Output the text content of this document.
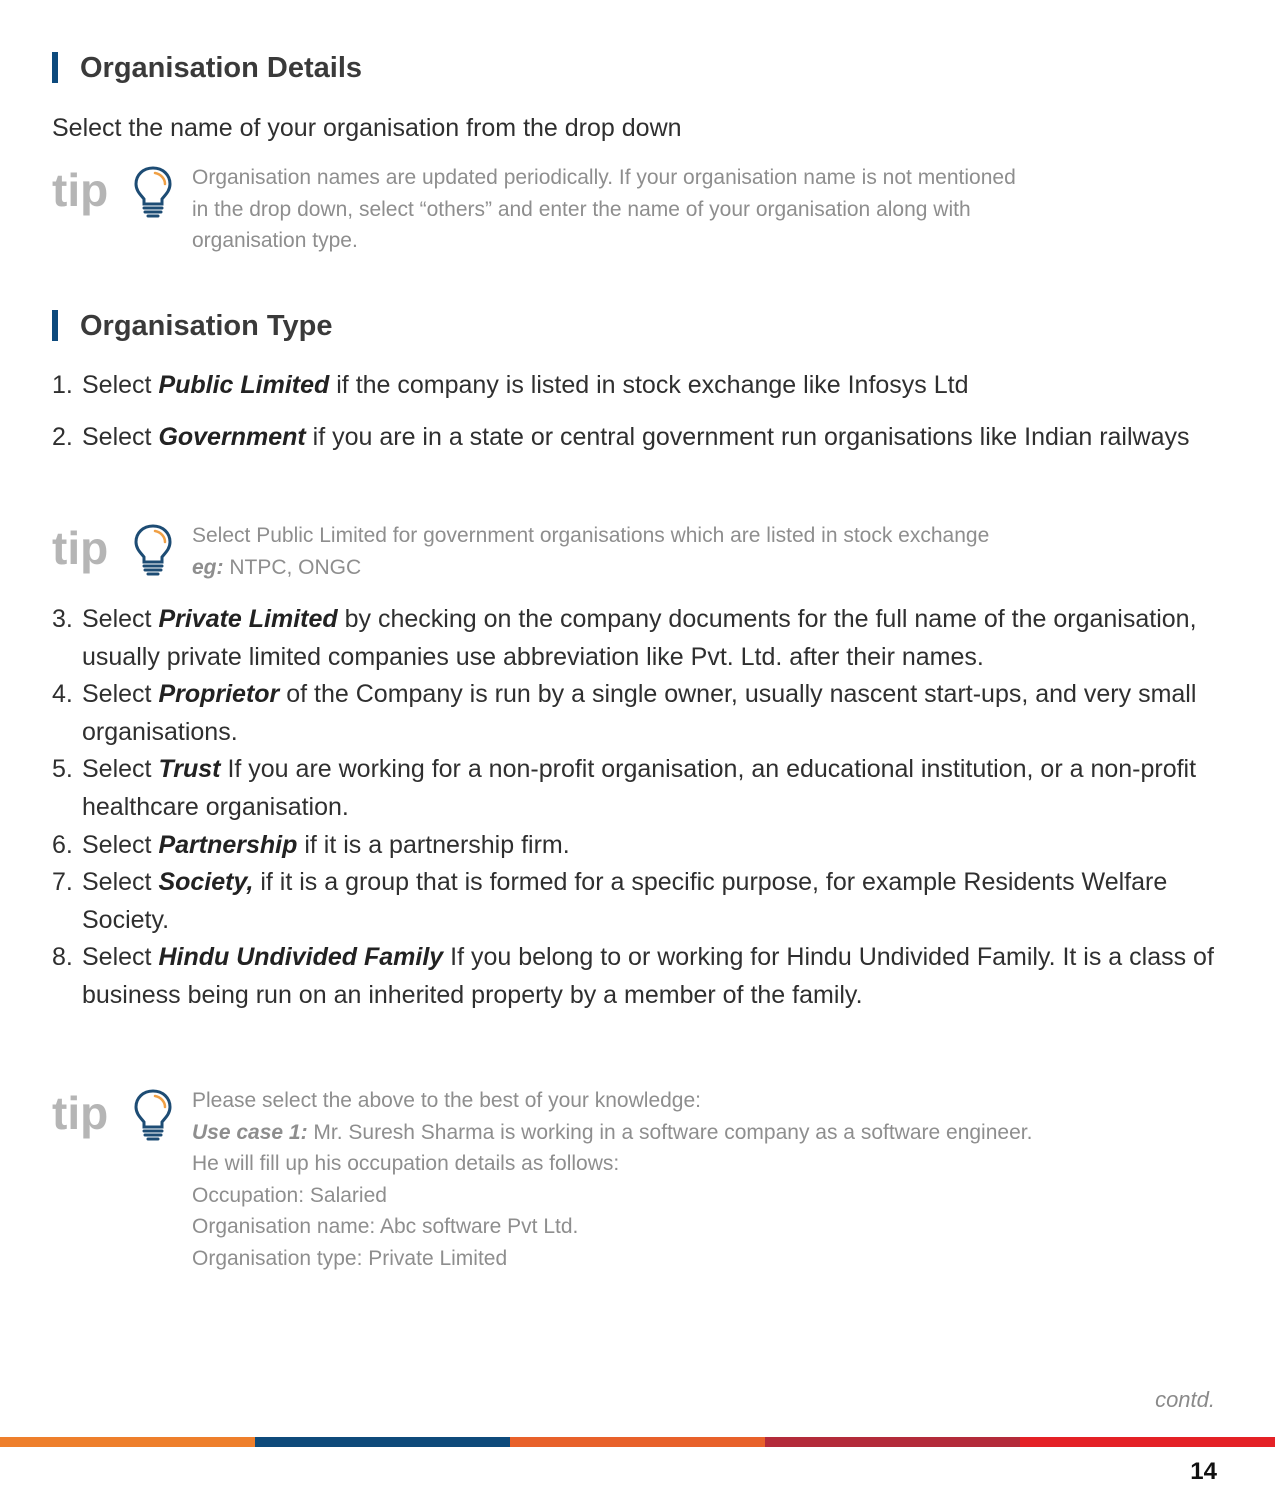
Organisation Details

Select the name of your organisation from the drop down

tip	Organisation names are updated periodically. If your organisation name is not mentioned
in the drop down, select “others” and enter the name of your organisation along with
organisation type.
Organisation Type
1. Select Public Limited if the company is listed in stock exchange like Infosys Ltd
2. Select Government if you are in a state or central government run organisations like Indian railways
tip	Select Public Limited for government organisations which are listed in stock exchange
eg: NTPC, ONGC
3. Select Private Limited by checking on the company documents for the full name of the organisation, usually private limited companies use abbreviation like Pvt. Ltd. after their names.
4. Select Proprietor of the Company is run by a single owner, usually nascent start-ups, and very small organisations.
5. Select Trust If you are working for a non-profit organisation, an educational institution, or a non-profit healthcare organisation.
6. Select Partnership if it is a partnership firm.
7. Select Society, if it is a group that is formed for a specific purpose, for example Residents Welfare Society.
8. Select Hindu Undivided Family If you belong to or working for Hindu Undivided Family. It is a class of business being run on an inherited property by a member of the family.
tip	Please select the above to the best of your knowledge:
Use case 1: Mr. Suresh Sharma is working in a software company as a software engineer.
He will fill up his occupation details as follows:
Occupation: Salaried
Organisation name: Abc software Pvt Ltd.
Organisation type: Private Limited
contd.
14
